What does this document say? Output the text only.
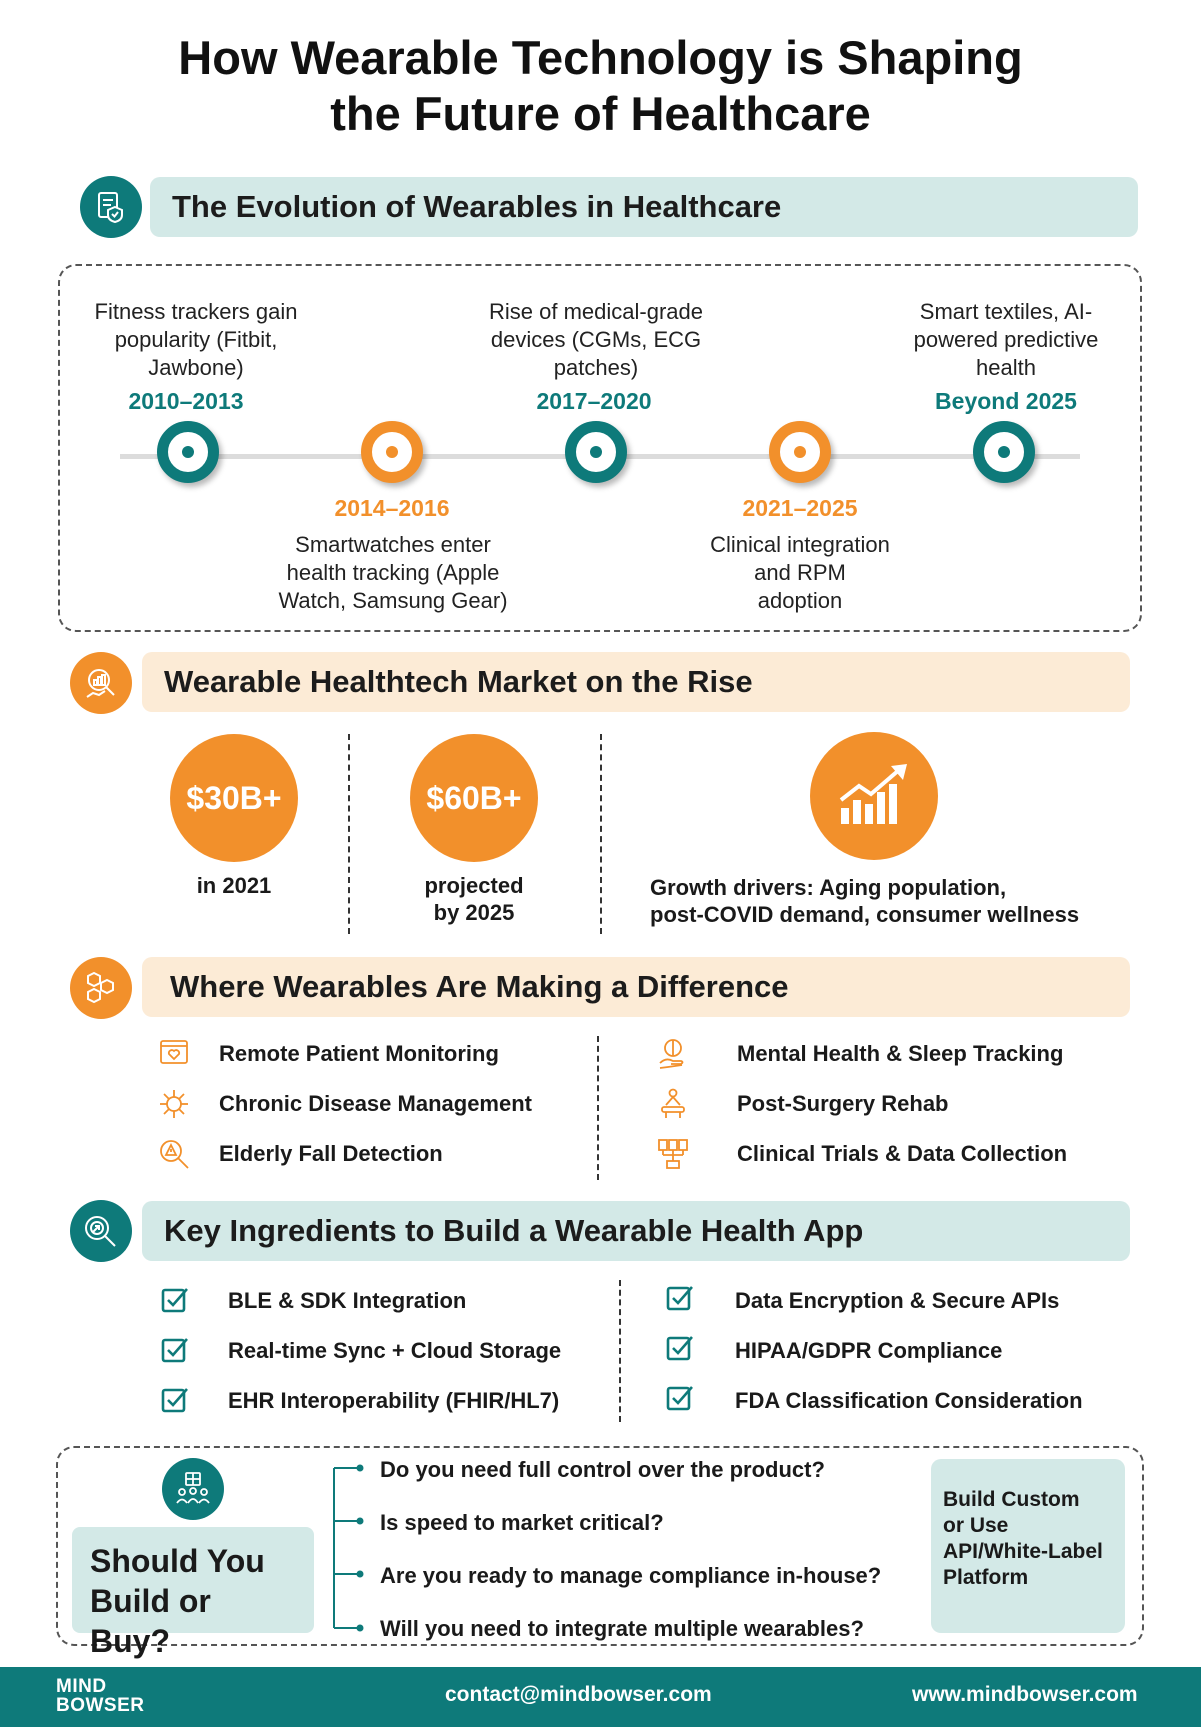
How Wearable Technology is Shaping
the Future of Healthcare
The Evolution of Wearables in Healthcare
Fitness trackers gain popularity (Fitbit, Jawbone)
2010–2013
2014–2016
Smartwatches enter health tracking (Apple Watch, Samsung Gear)
Rise of medical-grade devices (CGMs, ECG patches)
2017–2020
2021–2025
Clinical integration and RPM adoption
Smart textiles, AI-powered predictive health
Beyond 2025
Wearable Healthtech Market on the Rise
$30B+
in 2021
$60B+
projected
by 2025
Growth drivers: Aging population,
post-COVID demand, consumer wellness
Where Wearables Are Making a Difference
Remote Patient Monitoring
Chronic Disease Management
Elderly Fall Detection
Mental Health & Sleep Tracking
Post-Surgery Rehab
Clinical Trials & Data Collection
Key Ingredients to Build a Wearable Health App
BLE & SDK Integration
Real-time Sync + Cloud Storage
EHR Interoperability (FHIR/HL7)
Data Encryption & Secure APIs
HIPAA/GDPR Compliance
FDA Classification Consideration
Should You
Build or Buy?
Do you need full control over the product?
Is speed to market critical?
Are you ready to manage compliance in-house?
Will you need to integrate multiple wearables?
Build Custom
or Use
API/White-Label
Platform
MIND
BOWSER	contact@mindbowser.com	www.mindbowser.com
